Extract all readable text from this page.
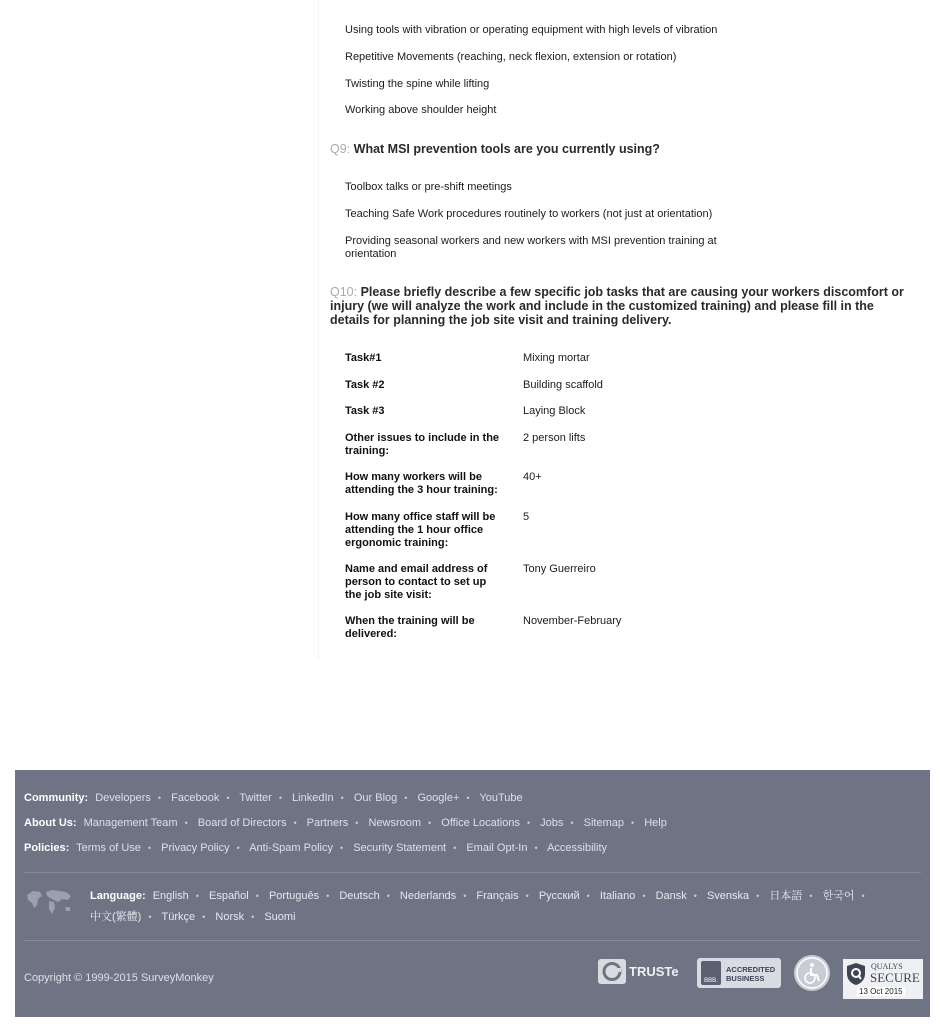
Using tools with vibration or operating equipment with high levels of vibration
Repetitive Movements (reaching, neck flexion, extension or rotation)
Twisting the spine while lifting
Working above shoulder height
Q9: What MSI prevention tools are you currently using?
Toolbox talks or pre-shift meetings
Teaching Safe Work procedures routinely to workers (not just at orientation)
Providing seasonal workers and new workers with MSI prevention training at orientation
Q10: Please briefly describe a few specific job tasks that are causing your workers discomfort or injury (we will analyze the work and include in the customized training) and please fill in the details for planning the job site visit and training delivery.
Task#1	Mixing mortar
Task #2	Building scaffold
Task #3	Laying Block
Other issues to include in the training:
2 person lifts
How many workers will be attending the 3 hour training:
40+
How many office staff will be attending the 1 hour office ergonomic training:
5
Name and email address of person to contact to set up the job site visit:
Tony Guerreiro
When the training will be delivered:
November-February
Community: Developers • Facebook • Twitter • LinkedIn • Our Blog • Google+ • YouTube
About Us: Management Team • Board of Directors • Partners • Newsroom • Office Locations • Jobs • Sitemap • Help
Policies: Terms of Use • Privacy Policy • Anti-Spam Policy • Security Statement • Email Opt-In • Accessibility
Language: English • Español • Português • Deutsch • Nederlands • Français • Русский • Italiano • Dansk • Svenska • 日本語 • 한국어 •
中文(繁體) • Türkçe • Norsk • Suomi
Copyright © 1999-2015 SurveyMonkey	TRUSTe
BBB.
ACCREDITED
BUSINESS
QUALYS
SECURE
13 Oct 2015
